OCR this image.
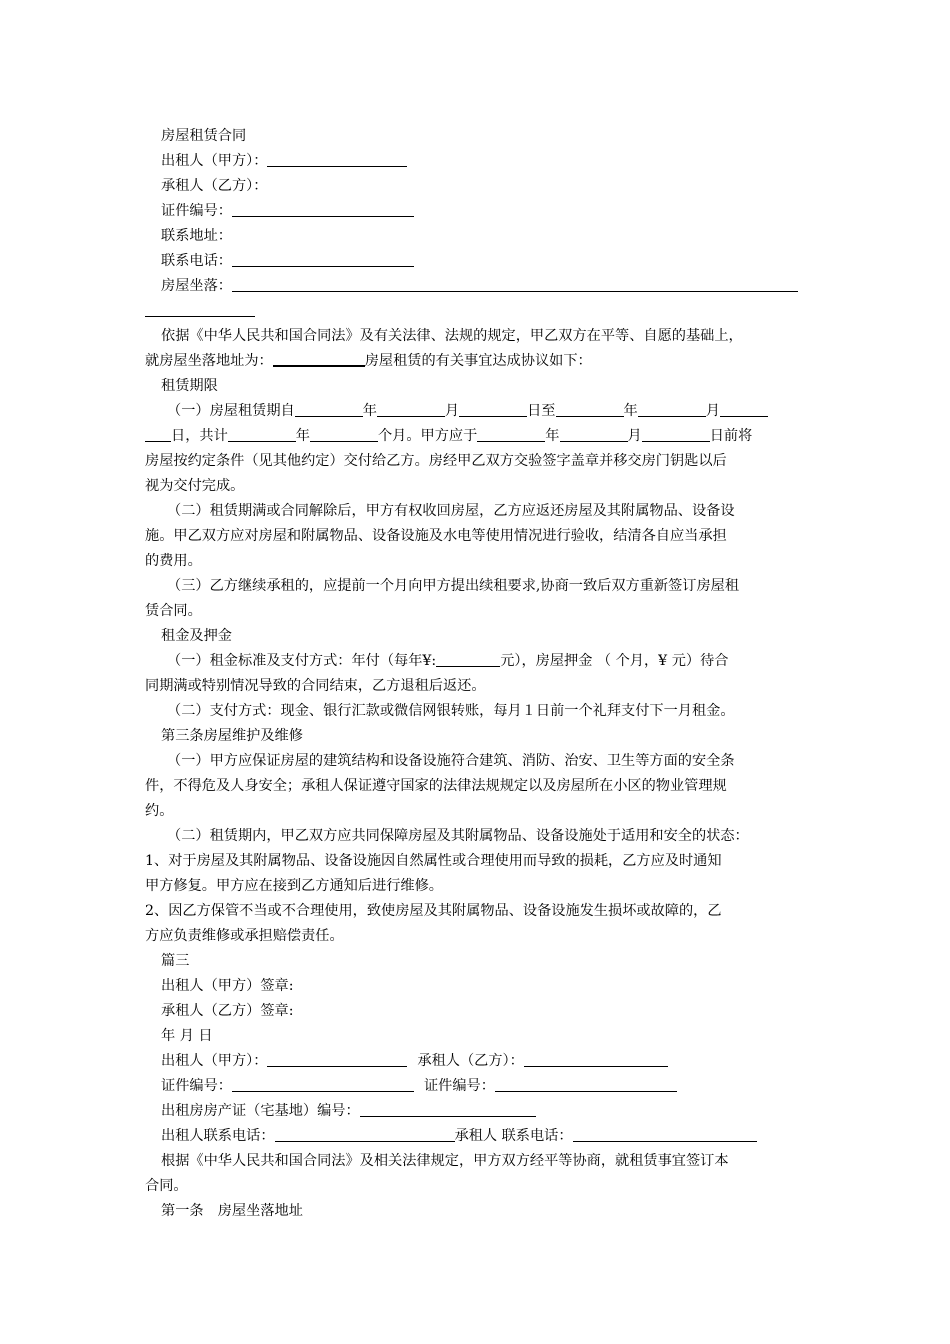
房屋租赁合同
出租人（甲方）：
承租人（乙方）：
证件编号：
联系地址：
联系电话：
房屋坐落：
依据《中华人民共和国合同法》及有关法律、法规的规定，甲乙双方在平等、自愿的基础上，
就房屋坐落地址为：	房屋租赁的有关事宜达成协议如下：
租赁期限
（一）房屋租赁期自	年	月	日至	年	月
日，共计	年	个月。甲方应于	年	月	日前将
房屋按约定条件（见其他约定）交付给乙方。房经甲乙双方交验签字盖章并移交房门钥匙以后
视为交付完成。
（二）租赁期满或合同解除后，甲方有权收回房屋，乙方应返还房屋及其附属物品、设备设
施。甲乙双方应对房屋和附属物品、设备设施及水电等使用情况进行验收，结清各自应当承担
的费用。
（三）乙方继续承租的，应提前一个月向甲方提出续租要求,协商一致后双方重新签订房屋租
赁合同。
租金及押金
（一）租金标准及支付方式：年付（每年¥:	元），房屋押金 （ 个月，¥ 元）待合
同期满或特别情况导致的合同结束，乙方退租后返还。
（二）支付方式：现金、银行汇款或微信网银转账，每月１日前一个礼拜支付下一月租金。
第三条房屋维护及维修
（一）甲方应保证房屋的建筑结构和设备设施符合建筑、消防、治安、卫生等方面的安全条
件，不得危及人身安全；承租人保证遵守国家的法律法规规定以及房屋所在小区的物业管理规
约。
（二）租赁期内，甲乙双方应共同保障房屋及其附属物品、设备设施处于适用和安全的状态：
1、对于房屋及其附属物品、设备设施因自然属性或合理使用而导致的损耗，乙方应及时通知
甲方修复。甲方应在接到乙方通知后进行维修。
2、因乙方保管不当或不合理使用，致使房屋及其附属物品、设备设施发生损坏或故障的，乙
方应负责维修或承担赔偿责任。
篇三
出租人（甲方）签章:
承租人（乙方）签章:
年 月 日
出租人（甲方）：	承租人（乙方）：
证件编号：	证件编号：
出租房房产证（宅基地）编号：
出租人联系电话：	承租人 联系电话：
根据《中华人民共和国合同法》及相关法律规定，甲方双方经平等协商，就租赁事宜签订本
合同。
第一条　房屋坐落地址
